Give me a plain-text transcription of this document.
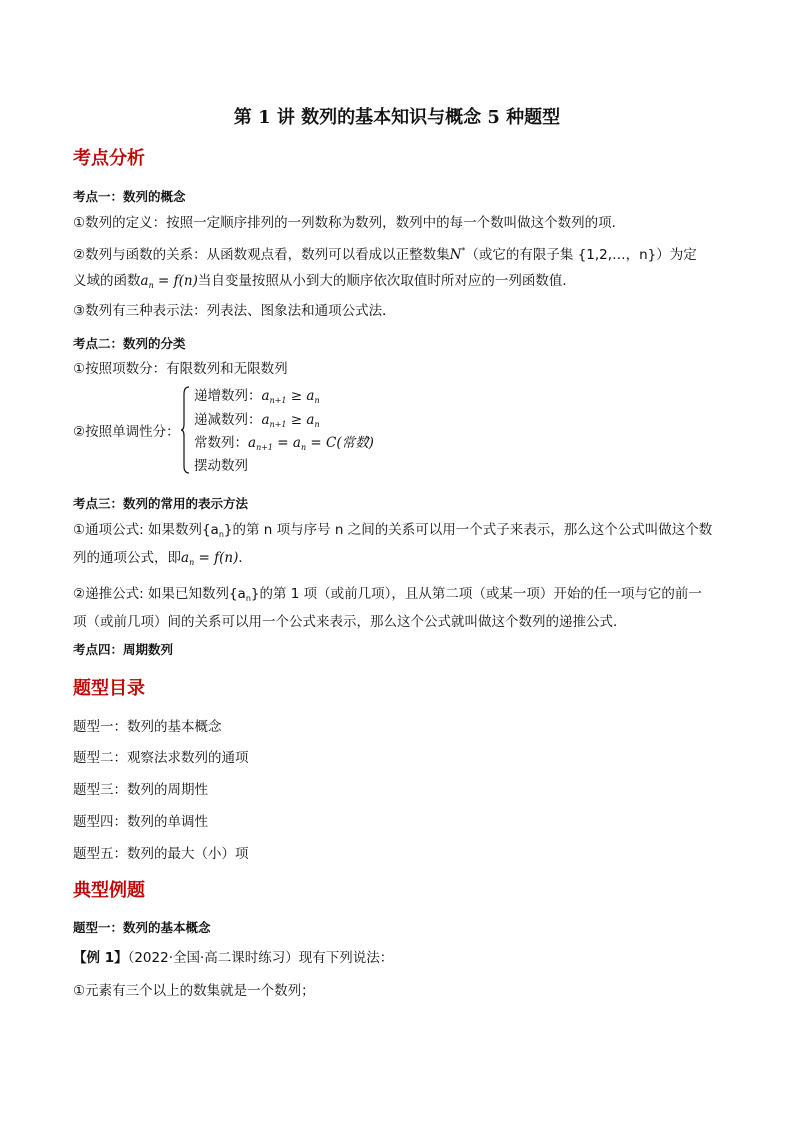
第 1 讲 数列的基本知识与概念 5 种题型
考点分析
考点一：数列的概念
①数列的定义：按照一定顺序排列的一列数称为数列，数列中的每一个数叫做这个数列的项．
②数列与函数的关系：从函数观点看，数列可以看成以正整数集N*（或它的有限子集 {1,2,…，n}）为定
义域的函数$a_n = f(n)$当自变量按照从小到大的顺序依次取值时所对应的一列函数值．
③数列有三种表示法：列表法、图象法和通项公式法．
考点二：数列的分类
①按照项数分：有限数列和无限数列
②按照单调性分：
递增数列：$a_{n+1} \ge a_n$
递减数列：$a_{n+1} \ge a_n$
常数列：$a_{n+1} = a_n = C$(常数)
摆动数列
，
考点三：数列的常用的表示方法
①通项公式: 如果数列$\{a_n\}$的第 n 项与序号 n 之间的关系可以用一个式子来表示，那么这个公式叫做这个数
列的通项公式，即$a_n = f(n)$．
②递推公式: 如果已知数列$\{a_n\}$的第 1 项（或前几项），且从第二项（或某一项）开始的任一项与它的前一
项（或前几项）间的关系可以用一个公式来表示，那么这个公式就叫做这个数列的递推公式．
考点四：周期数列
题型目录
题型一：数列的基本概念
题型二：观察法求数列的通项
题型三：数列的周期性
题型四：数列的单调性
题型五：数列的最大（小）项
典型例题
题型一：数列的基本概念
【例 1】（2022·全国·高二课时练习）现有下列说法：
①元素有三个以上的数集就是一个数列；
